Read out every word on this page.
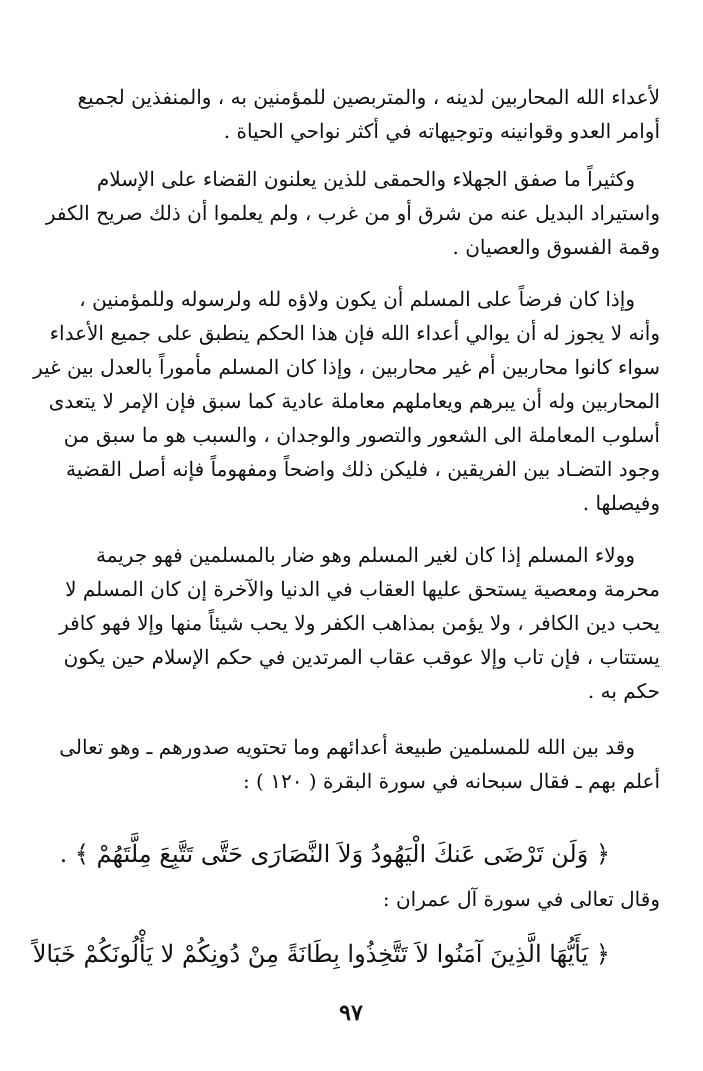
لأعداء الله المحاربين لدينه ، والمتربصين للمؤمنين به ، والمنفذين لجميع
أوامر العدو وقوانينه وتوجيهاته في أكثر نواحي الحياة .
وكثيراً ما صفق الجهلاء والحمقى للذين يعلنون القضاء على الإسلام
واستيراد البديل عنه من شرق أو من غرب ، ولم يعلموا أن ذلك صريح الكفر
وقمة الفسوق والعصيان .
وإذا كان فرضاً على المسلم أن يكون ولاؤه لله ولرسوله وللمؤمنين ،
وأنه لا يجوز له أن يوالي أعداء الله فإن هذا الحكم ينطبق على جميع الأعداء
سواء كانوا محاربين أم غير محاربين ، وإذا كان المسلم مأموراً بالعدل بين غير
المحاربين وله أن يبرهم ويعاملهم معاملة عادية كما سبق فإن الإمر لا يتعدى
أسلوب المعاملة الى الشعور والتصور والوجدان ، والسبب هو ما سبق من
وجود التضـاد بين الفريقين ، فليكن ذلك واضحاً ومفهوماً فإنه أصل القضية
وفيصلها .
وولاء المسلم إذا كان لغير المسلم وهو ضار بالمسلمين فهو جريمة
محرمة ومعصية يستحق عليها العقاب في الدنيا والآخرة إن كان المسلم لا
يحب دين الكافر ، ولا يؤمن بمذاهب الكفر ولا يحب شيئاً منها وإلا فهو كافر
يستتاب ، فإن تاب وإلا عوقب عقاب المرتدين في حكم الإسلام حين يكون
حكم به .
وقد بين الله للمسلمين طبيعة أعدائهم وما تحتويه صدورهم ـ وهو تعالى
أعلم بهم ـ فقال سبحانه في سورة البقرة ( ١٢٠ ) :
﴿ وَلَن تَرْضَى عَنكَ الْيَهُودُ وَلاَ النَّصَارَى حَتَّى تَتَّبِعَ مِلَّتَهُمْ ﴾ .
وقال تعالى في سورة آل عمران :
﴿ يَأَيُّهَا الَّذِينَ آمَنُوا لاَ تَتَّخِذُوا بِطَانَةً مِنْ دُونِكُمْ لا يَأْلُونَكُمْ خَبَالاً
٩٧
